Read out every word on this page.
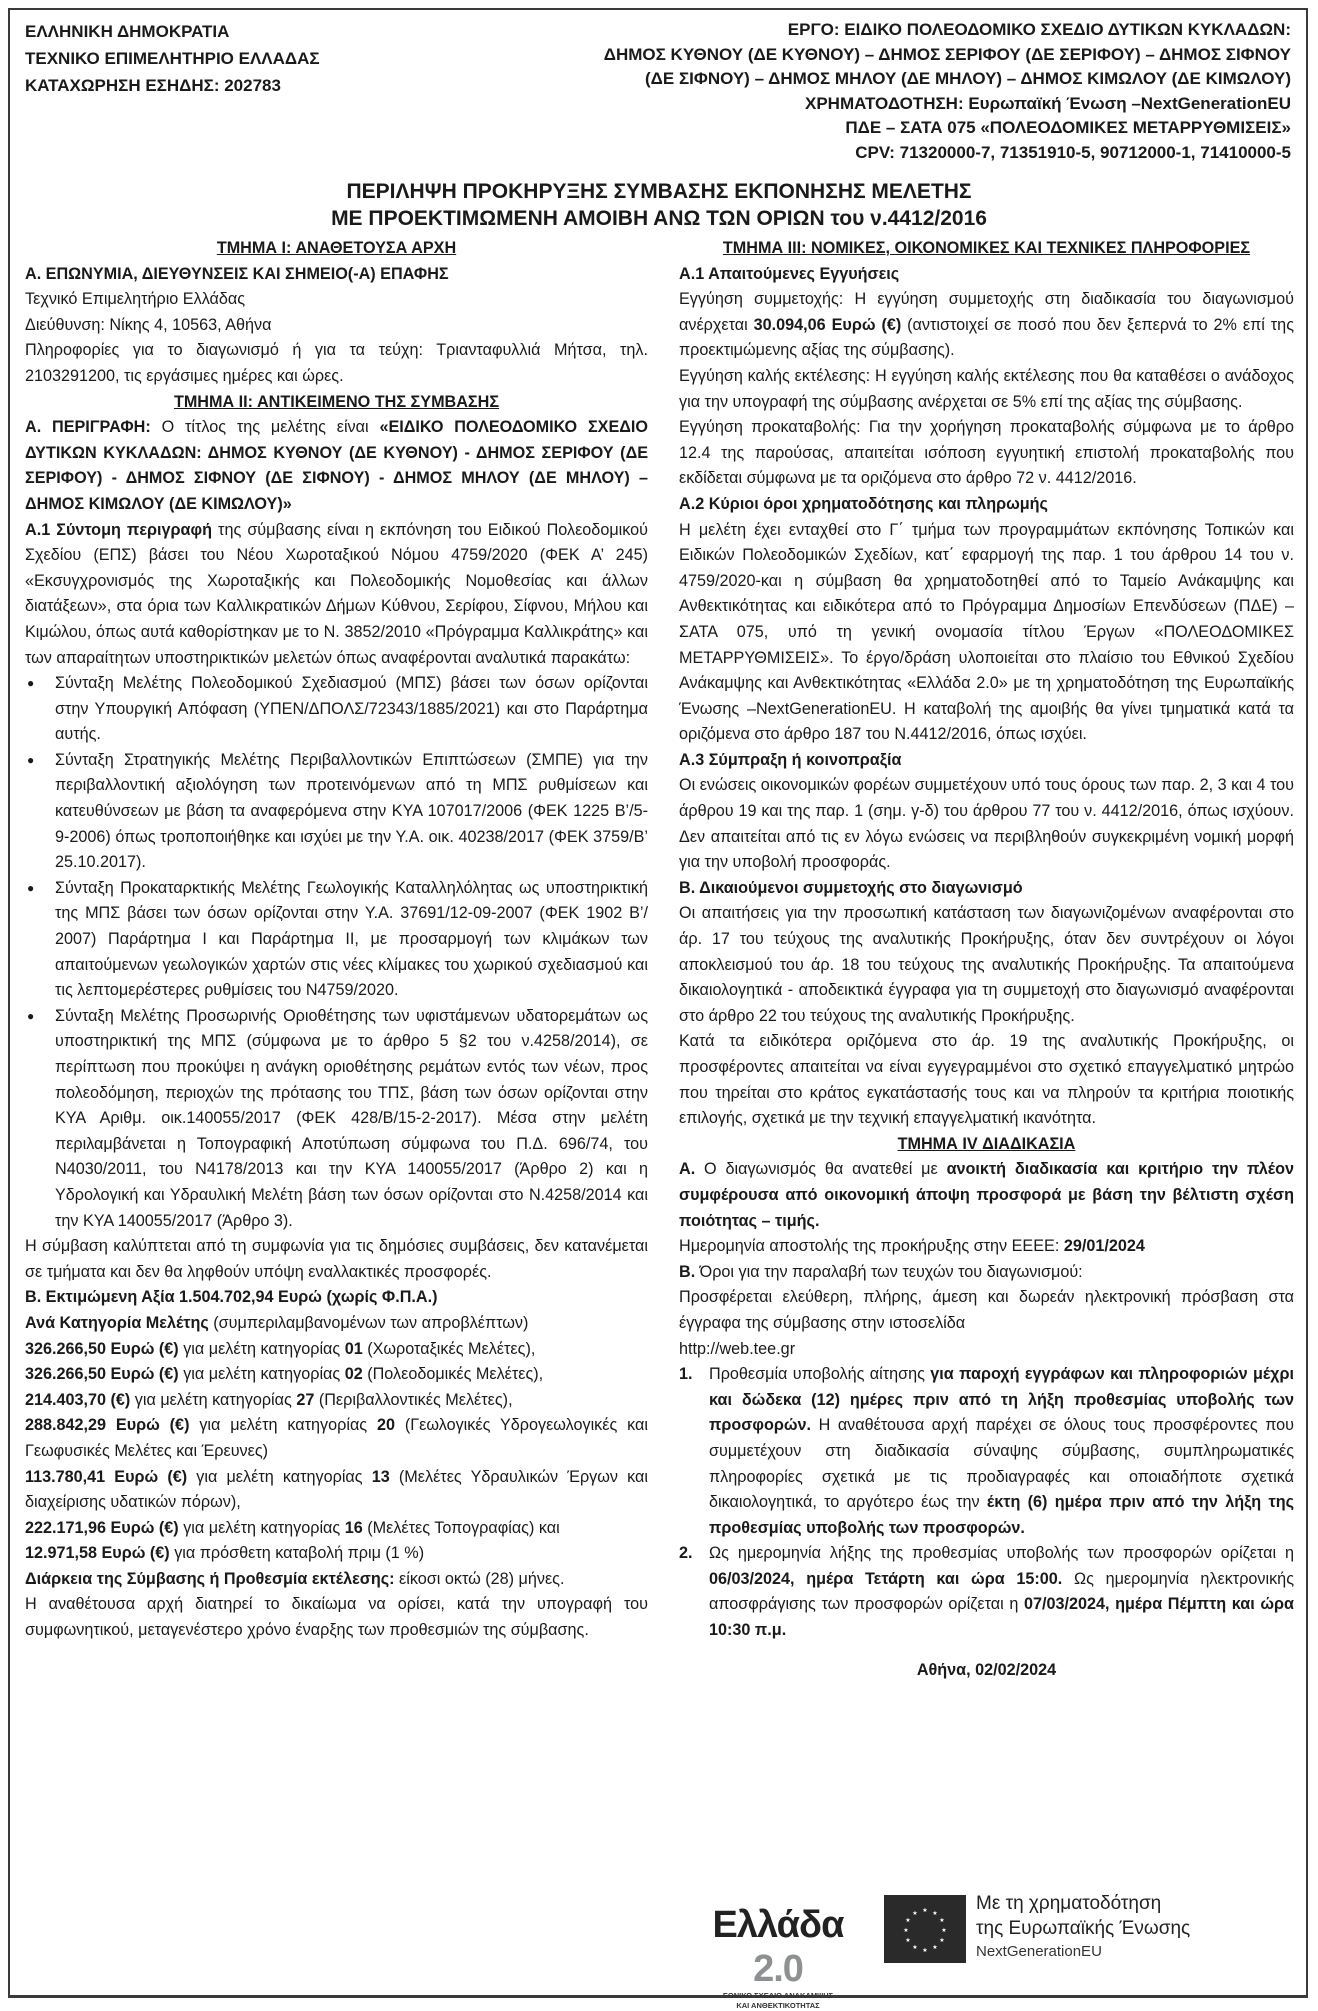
ΕΛΛΗΝΙΚΗ ΔΗΜΟΚΡΑΤΙΑ
ΤΕΧΝΙΚΟ ΕΠΙΜΕΛΗΤΗΡΙΟ ΕΛΛΑΔΑΣ
ΚΑΤΑΧΩΡΗΣΗ ΕΣΗΔΗΣ: 202783
ΕΡΓΟ: ΕΙΔΙΚΟ ΠΟΛΕΟΔΟΜΙΚΟ ΣΧΕΔΙΟ ΔΥΤΙΚΩΝ ΚΥΚΛΑΔΩΝ:
ΔΗΜΟΣ ΚΥΘΝΟΥ (ΔΕ ΚΥΘΝΟΥ) – ΔΗΜΟΣ ΣΕΡΙΦΟΥ (ΔΕ ΣΕΡΙΦΟΥ) – ΔΗΜΟΣ ΣΙΦΝΟΥ
(ΔΕ ΣΙΦΝΟΥ) – ΔΗΜΟΣ ΜΗΛΟΥ (ΔΕ ΜΗΛΟΥ) – ΔΗΜΟΣ ΚΙΜΩΛΟΥ (ΔΕ ΚΙΜΩΛΟΥ)
ΧΡΗΜΑΤΟΔΟΤΗΣΗ: Ευρωπαϊκή Ένωση –NextGenerationEU
ΠΔΕ – ΣΑΤΑ 075 «ΠΟΛΕΟΔΟΜΙΚΕΣ ΜΕΤΑΡΡΥΘΜΙΣΕΙΣ»
CPV: 71320000-7, 71351910-5, 90712000-1, 71410000-5
ΠΕΡΙΛΗΨΗ ΠΡΟΚΗΡΥΞΗΣ ΣΥΜΒΑΣΗΣ ΕΚΠΟΝΗΣΗΣ ΜΕΛΕΤΗΣ
ΜΕ ΠΡΟΕΚΤΙΜΩΜΕΝΗ ΑΜΟΙΒΗ ΑΝΩ ΤΩΝ ΟΡΙΩΝ του ν.4412/2016

ΤΜΗΜΑ Ι: ΑΝΑΘΕΤΟΥΣΑ ΑΡΧΗ

Α. ΕΠΩΝΥΜΙΑ, ΔΙΕΥΘΥΝΣΕΙΣ ΚΑΙ ΣΗΜΕΙΟ(-Α) ΕΠΑΦΗΣ

Τεχνικό Επιμελητήριο Ελλάδας

Διεύθυνση: Νίκης 4, 10563, Αθήνα

Πληροφορίες για το διαγωνισμό ή για τα τεύχη: Τριανταφυλλιά Μήτσα, τηλ. 2103291200, τις εργάσιμες ημέρες και ώρες.

ΤΜΗΜΑ ΙΙ: ΑΝΤΙΚΕΙΜΕΝΟ ΤΗΣ ΣΥΜΒΑΣΗΣ

Α. ΠΕΡΙΓΡΑΦΗ: Ο τίτλος της μελέτης είναι «ΕΙΔΙΚΟ ΠΟΛΕΟΔΟΜΙΚΟ ΣΧΕΔΙΟ ΔΥΤΙΚΩΝ ΚΥΚΛΑΔΩΝ: ΔΗΜΟΣ ΚΥΘΝΟΥ (ΔΕ ΚΥΘΝΟΥ) - ΔΗΜΟΣ ΣΕΡΙΦΟΥ (ΔΕ ΣΕΡΙΦΟΥ) - ΔΗΜΟΣ ΣΙΦΝΟΥ (ΔΕ ΣΙΦΝΟΥ) - ΔΗΜΟΣ ΜΗΛΟΥ (ΔΕ ΜΗΛΟΥ) – ΔΗΜΟΣ ΚΙΜΩΛΟΥ (ΔΕ ΚΙΜΩΛΟΥ)»

Α.1 Σύντομη περιγραφή της σύμβασης είναι η εκπόνηση του Ειδικού Πολεοδομικού Σχεδίου (ΕΠΣ) βάσει του Νέου Χωροταξικού Νόμου 4759/2020 (ΦΕΚ Α’ 245) «Εκσυγχρονισμός της Χωροταξικής και Πολεοδομικής Νομοθεσίας και άλλων διατάξεων», στα όρια των Καλλικρατικών Δήμων Κύθνου, Σερίφου, Σίφνου, Μήλου και Κιμώλου, όπως αυτά καθορίστηκαν με το Ν. 3852/2010 «Πρόγραμμα Καλλικράτης» και των απαραίτητων υποστηρικτικών μελετών όπως αναφέρονται αναλυτικά παρακάτω:

● Σύνταξη Μελέτης Πολεοδομικού Σχεδιασμού (ΜΠΣ) βάσει των όσων ορίζονται στην Υπουργική Απόφαση (ΥΠΕΝ/ΔΠΟΛΣ/72343/1885/2021) και στο Παράρτημα αυτής.
● Σύνταξη Στρατηγικής Μελέτης Περιβαλλοντικών Επιπτώσεων (ΣΜΠΕ) για την περιβαλλοντική αξιολόγηση των προτεινόμενων από τη ΜΠΣ ρυθμίσεων και κατευθύνσεων με βάση τα αναφερόμενα στην ΚΥΑ 107017/2006 (ΦΕΚ 1225 Β’/5-9-2006) όπως τροποποιήθηκε και ισχύει με την Υ.Α. οικ. 40238/2017 (ΦΕΚ 3759/Β’ 25.10.2017).
● Σύνταξη Προκαταρκτικής Μελέτης Γεωλογικής Καταλληλόλητας ως υποστηρικτική της ΜΠΣ βάσει των όσων ορίζονται στην Υ.Α. 37691/12-09-2007 (ΦΕΚ 1902 Β’/ 2007) Παράρτημα Ι και Παράρτημα ΙΙ, με προσαρμογή των κλιμάκων των απαιτούμενων γεωλογικών χαρτών στις νέες κλίμακες του χωρικού σχεδιασμού και τις λεπτομερέστερες ρυθμίσεις του Ν4759/2020.
● Σύνταξη Μελέτης Προσωρινής Οριοθέτησης των υφιστάμενων υδατορεμάτων ως υποστηρικτική της ΜΠΣ (σύμφωνα με το άρθρο 5 §2 του ν.4258/2014), σε περίπτωση που προκύψει η ανάγκη οριοθέτησης ρεμάτων εντός των νέων, προς πολεοδόμηση, περιοχών της πρότασης του ΤΠΣ, βάση των όσων ορίζονται στην ΚΥΑ Αριθμ. οικ.140055/2017 (ΦΕΚ 428/Β/15-2-2017). Μέσα στην μελέτη περιλαμβάνεται η Τοπογραφική Αποτύπωση σύμφωνα του Π.Δ. 696/74, του Ν4030/2011, του Ν4178/2013 και την ΚΥΑ 140055/2017 (Άρθρο 2) και η Υδρολογική και Υδραυλική Μελέτη βάση των όσων ορίζονται στο Ν.4258/2014 και την ΚΥΑ 140055/2017 (Άρθρο 3).

Η σύμβαση καλύπτεται από τη συμφωνία για τις δημόσιες συμβάσεις, δεν κατανέμεται σε τμήματα και δεν θα ληφθούν υπόψη εναλλακτικές προσφορές.

Β. Εκτιμώμενη Αξία 1.504.702,94 Ευρώ (χωρίς Φ.Π.Α.)

Ανά Κατηγορία Μελέτης (συμπεριλαμβανομένων των απροβλέπτων)

326.266,50 Ευρώ (€) για μελέτη κατηγορίας 01 (Χωροταξικές Μελέτες),

326.266,50 Ευρώ (€) για μελέτη κατηγορίας 02 (Πολεοδομικές Μελέτες),

214.403,70 (€) για μελέτη κατηγορίας 27 (Περιβαλλοντικές Μελέτες),

288.842,29 Ευρώ (€) για μελέτη κατηγορίας 20 (Γεωλογικές Υδρογεωλογικές και Γεωφυσικές Μελέτες και Έρευνες)

113.780,41 Ευρώ (€) για μελέτη κατηγορίας 13 (Μελέτες Υδραυλικών Έργων και διαχείρισης υδατικών πόρων),

222.171,96 Ευρώ (€) για μελέτη κατηγορίας 16 (Μελέτες Τοπογραφίας) και

12.971,58 Ευρώ (€) για πρόσθετη καταβολή πριμ (1 %)

Διάρκεια της Σύμβασης ή Προθεσμία εκτέλεσης: είκοσι οκτώ (28) μήνες.

Η αναθέτουσα αρχή διατηρεί το δικαίωμα να ορίσει, κατά την υπογραφή του συμφωνητικού, μεταγενέστερο χρόνο έναρξης των προθεσμιών της σύμβασης.

ΤΜΗΜΑ ΙΙΙ: ΝΟΜΙΚΕΣ, ΟΙΚΟΝΟΜΙΚΕΣ ΚΑΙ ΤΕΧΝΙΚΕΣ ΠΛΗΡΟΦΟΡΙΕΣ

Α.1 Απαιτούμενες Εγγυήσεις

Εγγύηση συμμετοχής: Η εγγύηση συμμετοχής στη διαδικασία του διαγωνισμού ανέρχεται 30.094,06 Ευρώ (€) (αντιστοιχεί σε ποσό που δεν ξεπερνά το 2% επί της προεκτιμώμενης αξίας της σύμβασης).

Εγγύηση καλής εκτέλεσης: Η εγγύηση καλής εκτέλεσης που θα καταθέσει ο ανάδοχος για την υπογραφή της σύμβασης ανέρχεται σε 5% επί της αξίας της σύμβασης.

Εγγύηση προκαταβολής: Για την χορήγηση προκαταβολής σύμφωνα με το άρθρο 12.4 της παρούσας, απαιτείται ισόποση εγγυητική επιστολή προκαταβολής που εκδίδεται σύμφωνα με τα οριζόμενα στο άρθρο 72 ν. 4412/2016.

Α.2 Κύριοι όροι χρηματοδότησης και πληρωμής

Η μελέτη έχει ενταχθεί στο Γ΄ τμήμα των προγραμμάτων εκπόνησης Τοπικών και Ειδικών Πολεοδομικών Σχεδίων, κατ΄ εφαρμογή της παρ. 1 του άρθρου 14 του ν. 4759/2020-και η σύμβαση θα χρηματοδοτηθεί από το Ταμείο Ανάκαμψης και Ανθεκτικότητας και ειδικότερα από το Πρόγραμμα Δημοσίων Επενδύσεων (ΠΔΕ) – ΣΑΤΑ 075, υπό τη γενική ονομασία τίτλου Έργων «ΠΟΛΕΟΔΟΜΙΚΕΣ ΜΕΤΑΡΡΥΘΜΙΣΕΙΣ». Το έργο/δράση υλοποιείται στο πλαίσιο του Εθνικού Σχεδίου Ανάκαμψης και Ανθεκτικότητας «Ελλάδα 2.0» με τη χρηματοδότηση της Ευρωπαϊκής Ένωσης –NextGenerationEU. Η καταβολή της αμοιβής θα γίνει τμηματικά κατά τα οριζόμενα στο άρθρο 187 του Ν.4412/2016, όπως ισχύει.

Α.3 Σύμπραξη ή κοινοπραξία

Οι ενώσεις οικονομικών φορέων συμμετέχουν υπό τους όρους των παρ. 2, 3 και 4 του άρθρου 19 και της παρ. 1 (σημ. γ-δ) του άρθρου 77 του ν. 4412/2016, όπως ισχύουν. Δεν απαιτείται από τις εν λόγω ενώσεις να περιβληθούν συγκεκριμένη νομική μορφή για την υποβολή προσφοράς.

Β. Δικαιούμενοι συμμετοχής στο διαγωνισμό

Οι απαιτήσεις για την προσωπική κατάσταση των διαγωνιζομένων αναφέρονται στο άρ. 17 του τεύχους της αναλυτικής Προκήρυξης, όταν δεν συντρέχουν οι λόγοι αποκλεισμού του άρ. 18 του τεύχους της αναλυτικής Προκήρυξης. Τα απαιτούμενα δικαιολογητικά - αποδεικτικά έγγραφα για τη συμμετοχή στο διαγωνισμό αναφέρονται στο άρθρο 22 του τεύχους της αναλυτικής Προκήρυξης.

Κατά τα ειδικότερα οριζόμενα στο άρ. 19 της αναλυτικής Προκήρυξης, οι προσφέροντες απαιτείται να είναι εγγεγραμμένοι στο σχετικό επαγγελματικό μητρώο που τηρείται στο κράτος εγκατάστασής τους και να πληρούν τα κριτήρια ποιοτικής επιλογής, σχετικά με την τεχνική επαγγελματική ικανότητα.

ΤΜΗΜΑ IV ΔΙΑΔΙΚΑΣΙΑ

Α. Ο διαγωνισμός θα ανατεθεί με ανοικτή διαδικασία και κριτήριο την πλέον συμφέρουσα από οικονομική άποψη προσφορά με βάση την βέλτιστη σχέση ποιότητας – τιμής.

Ημερομηνία αποστολής της προκήρυξης στην ΕΕΕΕ: 29/01/2024

Β. Όροι για την παραλαβή των τευχών του διαγωνισμού:

Προσφέρεται ελεύθερη, πλήρης, άμεση και δωρεάν ηλεκτρονική πρόσβαση στα έγγραφα της σύμβασης στην ιστοσελίδα

http://web.tee.gr

1. Προθεσμία υποβολής αίτησης για παροχή εγγράφων και πληροφοριών μέχρι και δώδεκα (12) ημέρες πριν από τη λήξη προθεσμίας υποβολής των προσφορών. Η αναθέτουσα αρχή παρέχει σε όλους τους προσφέροντες που συμμετέχουν στη διαδικασία σύναψης σύμβασης, συμπληρωματικές πληροφορίες σχετικά με τις προδιαγραφές και οποιαδήποτε σχετικά δικαιολογητικά, το αργότερο έως την έκτη (6) ημέρα πριν από την λήξη της προθεσμίας υποβολής των προσφορών.
2. Ως ημερομηνία λήξης της προθεσμίας υποβολής των προσφορών ορίζεται η 06/03/2024, ημέρα Τετάρτη και ώρα 15:00. Ως ημερομηνία ηλεκτρονικής αποσφράγισης των προσφορών ορίζεται η 07/03/2024, ημέρα Πέμπτη και ώρα 10:30 π.μ.

Αθήνα, 02/02/2024

Ελλάδα 2.0
ΕΘΝΙΚΟ ΣΧΕΔΙΟ ΑΝΑΚΑΜΨΗΣ
ΚΑΙ ΑΝΘΕΚΤΙΚΟΤΗΤΑΣ
★ ★
★
★
★
★
★
★
★
★
★
★	Με τη χρηματοδότηση
της Ευρωπαϊκής Ένωσης
NextGenerationEU
